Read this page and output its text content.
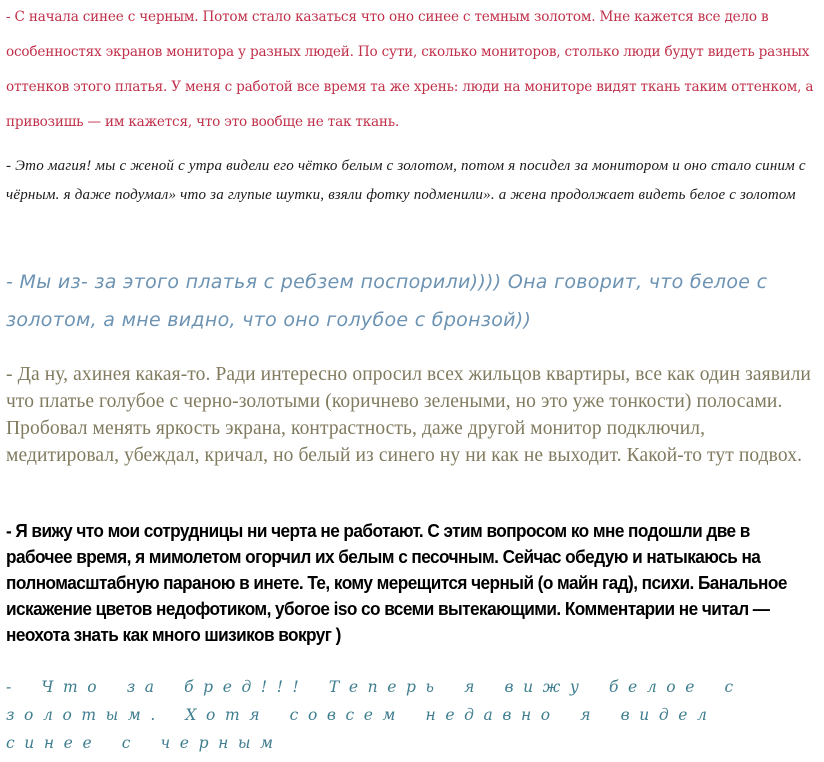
- С начала синее с черным. Потом стало казаться что оно синее с темным золотом. Мне кажется все дело в особенностях экранов монитора у разных людей. По сути, сколько мониторов, столько люди будут видеть разных оттенков этого платья. У меня с работой все время та же хрень: люди на мониторе видят ткань таким оттенком, а привозишь — им кажется, что это вообще не так ткань.

- Это магия! мы с женой с утра видели его чётко белым с золотом, потом я посидел за монитором и оно стало синим с чёрным. я даже подумал» что за глупые шутки, взяли фотку подменили». а жена продолжает видеть белое с золотом

- Мы из- за этого платья с ребзем поспорили)))) Она говорит, что белое с золотом, а мне видно, что оно голубое с бронзой))

- Да ну, ахинея какая-то. Ради интересно опросил всех жильцов квартиры, все как один заявили что платье голубое с черно-золотыми (коричнево зелеными, но это уже тонкости) полосами. Пробовал менять яркость экрана, контрастность, даже другой монитор подключил, медитировал, убеждал, кричал, но белый из синего ну ни как не выходит. Какой-то тут подвох.

- Я вижу что мои сотрудницы ни черта не работают. С этим вопросом ко мне подошли две в рабочее время, я мимолетом огорчил их белым с песочным. Сейчас обедую и натыкаюсь на полномасштабную параною в инете. Те, кому мерещится черный (о майн гад), психи. Банальное искажение цветов недофотиком, убогое iso со всеми вытекающими. Комментарии не читал — неохота знать как много шизиков вокруг )

- Что за бред!!! Теперь я вижу белое с золотым. Хотя совсем недавно я видел синее с черным
